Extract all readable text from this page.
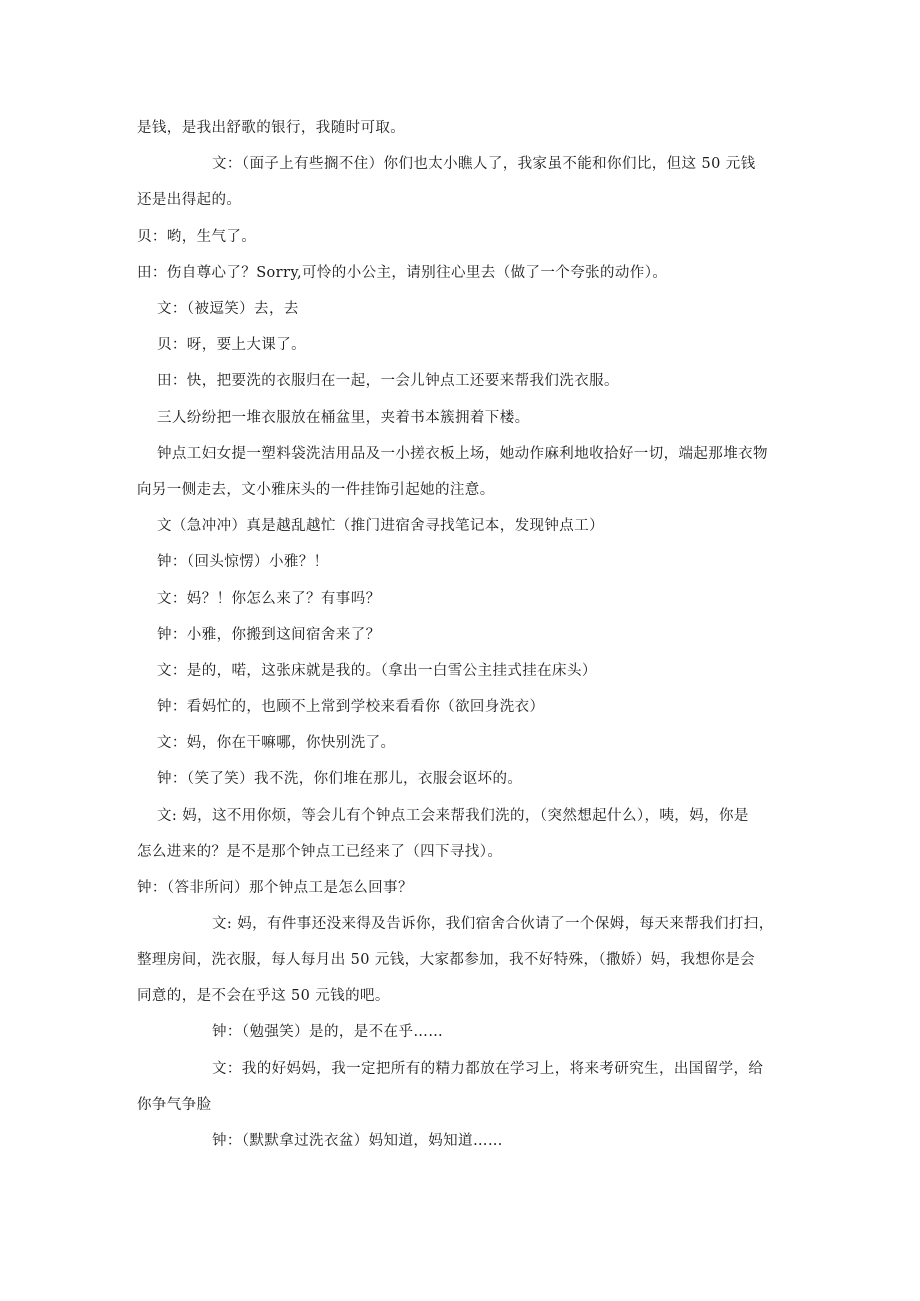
是钱，是我出舒歌的银行，我随时可取。
文：（面子上有些搁不住）你们也太小瞧人了，我家虽不能和你们比，但这 50 元钱
还是出得起的。
贝：哟，生气了。
田：伤自尊心了？Sorry,可怜的小公主，请别往心里去（做了一个夸张的动作）。
文：（被逗笑）去，去
贝：呀，要上大课了。
田：快，把要洗的衣服归在一起，一会儿钟点工还要来帮我们洗衣服。
三人纷纷把一堆衣服放在桶盆里，夹着书本簇拥着下楼。
钟点工妇女提一塑料袋洗洁用品及一小搓衣板上场，她动作麻利地收拾好一切，端起那堆衣物
向另一侧走去，文小雅床头的一件挂饰引起她的注意。
文（急冲冲）真是越乱越忙（推门进宿舍寻找笔记本，发现钟点工）
钟：（回头惊愣）小雅？！
文：妈？！你怎么来了？有事吗？
钟：小雅，你搬到这间宿舍来了？
文：是的，喏，这张床就是我的。（拿出一白雪公主挂式挂在床头）
钟：看妈忙的，也顾不上常到学校来看看你（欲回身洗衣）
文：妈，你在干嘛哪，你快别洗了。
钟：（笑了笑）我不洗，你们堆在那儿，衣服会讴坏的。
文: 妈，这不用你烦，等会儿有个钟点工会来帮我们洗的，（突然想起什么），咦，妈，你是
怎么进来的？是不是那个钟点工已经来了（四下寻找）。
钟：（答非所问）那个钟点工是怎么回事？
文: 妈，有件事还没来得及告诉你，我们宿舍合伙请了一个保姆，每天来帮我们打扫，
整理房间，洗衣服，每人每月出 50 元钱，大家都参加，我不好特殊，（撒娇）妈，我想你是会
同意的，是不会在乎这 50 元钱的吧。
钟：（勉强笑）是的，是不在乎……
文：我的好妈妈，我一定把所有的精力都放在学习上，将来考研究生，出国留学，给
你争气争脸
钟：（默默拿过洗衣盆）妈知道，妈知道……
